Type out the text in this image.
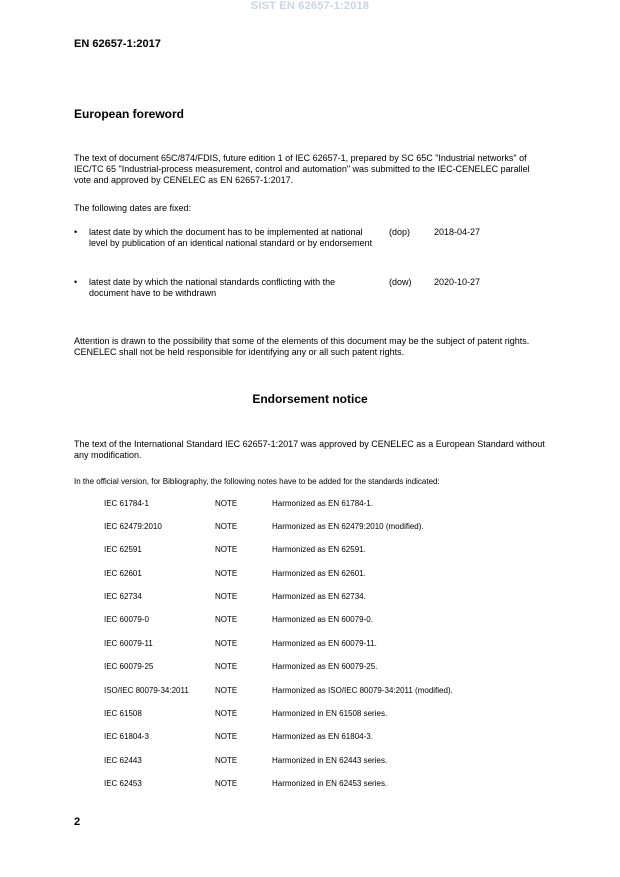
SIST EN 62657-1:2018
EN 62657-1:2017
European foreword
The text of document 65C/874/FDIS, future edition 1 of IEC 62657-1, prepared by SC 65C "Industrial networks" of IEC/TC 65 "Industrial-process measurement, control and automation" was submitted to the IEC-CENELEC parallel vote and approved by CENELEC as EN 62657-1:2017.
The following dates are fixed:
• latest date by which the document has to be implemented at national level by publication of an identical national standard or by endorsement
(dop)	2018-04-27
• latest date by which the national standards conflicting with the document have to be withdrawn
(dow) 2020-10-27
Attention is drawn to the possibility that some of the elements of this document may be the subject of patent rights. CENELEC shall not be held responsible for identifying any or all such patent rights.
Endorsement notice
The text of the International Standard IEC 62657-1:2017 was approved by CENELEC as a European Standard without any modification.
In the official version, for Bibliography, the following notes have to be added for the standards indicated:
IEC 61784-1	NOTE	Harmonized as EN 61784-1.
IEC 62479:2010	NOTE	Harmonized as EN 62479:2010 (modified).
IEC 62591	NOTE	Harmonized as EN 62591.
IEC 62601	NOTE	Harmonized as EN 62601.
IEC 62734	NOTE	Harmonized as EN 62734.
IEC 60079-0	NOTE	Harmonized as EN 60079-0.
IEC 60079-11	NOTE	Harmonized as EN 60079-11.
IEC 60079-25	NOTE	Harmonized as EN 60079-25.
ISO/IEC 80079-34:2011	NOTE	Harmonized as ISO/IEC 80079-34:2011 (modified).
IEC 61508	NOTE	Harmonized in EN 61508 series.
IEC 61804-3	NOTE	Harmonized as EN 61804-3.
IEC 62443	NOTE	Harmonized in EN 62443 series.
IEC 62453	NOTE	Harmonized in EN 62453 series.
2
